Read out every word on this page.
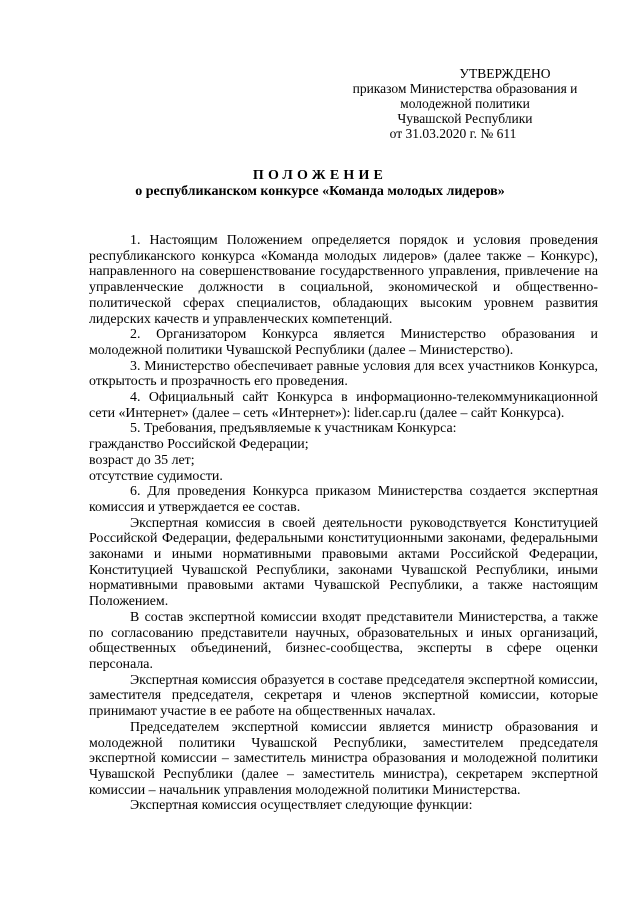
УТВЕРЖДЕНО
приказом Министерства образования и
молодежной политики
Чувашской Республики
от 31.03.2020 г. № 611
ПОЛОЖЕНИЕ
о республиканском конкурсе «Команда молодых лидеров»

1. Настоящим Положением определяется порядок и условия проведения республиканского конкурса «Команда молодых лидеров» (далее также – Конкурс), направленного на совершенствование государственного управления, привлечение на управленческие должности в социальной, экономической и общественно-политической сферах специалистов, обладающих высоким уровнем развития лидерских качеств и управленческих компетенций.

2. Организатором Конкурса является Министерство образования и молодежной политики Чувашской Республики (далее – Министерство).

3. Министерство обеспечивает равные условия для всех участников Конкурса, открытость и прозрачность его проведения.

4. Официальный сайт Конкурса в информационно-телекоммуникационной сети «Интернет» (далее – сеть «Интернет»): lider.cap.ru (далее – сайт Конкурса).

5. Требования, предъявляемые к участникам Конкурса:

гражданство Российской Федерации;

возраст до 35 лет;

отсутствие судимости.

6. Для проведения Конкурса приказом Министерства создается экспертная комиссия и утверждается ее состав.

Экспертная комиссия в своей деятельности руководствуется Конституцией Российской Федерации, федеральными конституционными законами, федеральными законами и иными нормативными правовыми актами Российской Федерации, Конституцией Чувашской Республики, законами Чувашской Республики, иными нормативными правовыми актами Чувашской Республики, а также настоящим Положением.

В состав экспертной комиссии входят представители Министерства, а также по согласованию представители научных, образовательных и иных организаций, общественных объединений, бизнес-сообщества, эксперты в сфере оценки персонала.

Экспертная комиссия образуется в составе председателя экспертной комиссии, заместителя председателя, секретаря и членов экспертной комиссии, которые принимают участие в ее работе на общественных началах.

Председателем экспертной комиссии является министр образования и молодежной политики Чувашской Республики, заместителем председателя экспертной комиссии – заместитель министра образования и молодежной политики Чувашской Республики (далее – заместитель министра), секретарем экспертной комиссии – начальник управления молодежной политики Министерства.

Экспертная комиссия осуществляет следующие функции:
